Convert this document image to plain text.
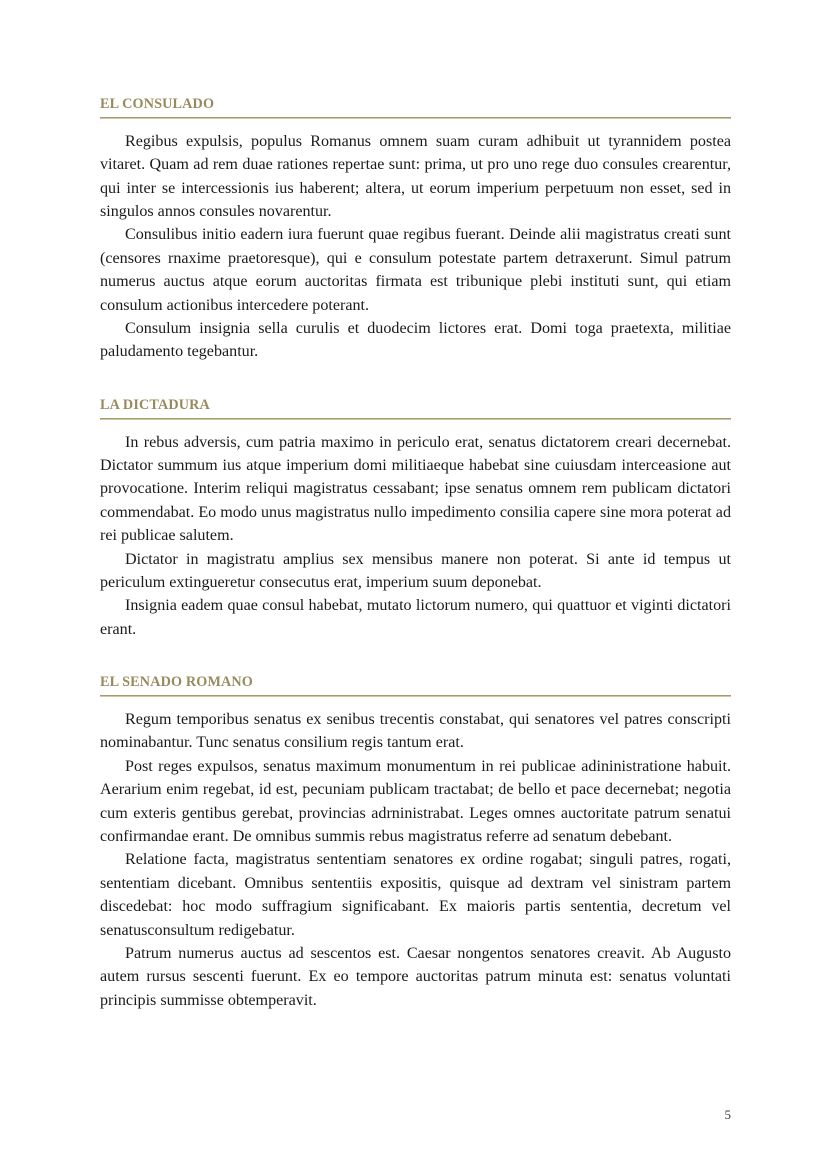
EL CONSULADO

Regibus expulsis, populus Romanus omnem suam curam adhibuit ut tyrannidem postea vitaret. Quam ad rem duae rationes repertae sunt: prima, ut pro uno rege duo consules crearentur, qui inter se intercessionis ius haberent; altera, ut eorum imperium perpetuum non esset, sed in singulos annos consules novarentur.

Consulibus initio eadern iura fuerunt quae regibus fuerant. Deinde alii magistratus creati sunt (censores rnaxime praetoresque), qui e consulum potestate partem detraxerunt. Simul patrum numerus auctus atque eorum auctoritas firmata est tribunique plebi instituti sunt, qui etiam consulum actionibus intercedere poterant.

Consulum insignia sella curulis et duodecim lictores erat. Domi toga praetexta, militiae paludamento tegebantur.

LA DICTADURA

In rebus adversis, cum patria maximo in periculo erat, senatus dictatorem creari decernebat. Dictator summum ius atque imperium domi militiaeque habebat sine cuiusdam interceasione aut provocatione. Interim reliqui magistratus cessabant; ipse senatus omnem rem publicam dictatori commendabat. Eo modo unus magistratus nullo impedimento consilia capere sine mora poterat ad rei publicae salutem.

Dictator in magistratu amplius sex mensibus manere non poterat. Si ante id tempus ut periculum extingueretur consecutus erat, imperium suum deponebat.

Insignia eadem quae consul habebat, mutato lictorum numero, qui quattuor et viginti dictatori erant.

EL SENADO ROMANO

Regum temporibus senatus ex senibus trecentis constabat, qui senatores vel patres conscripti nominabantur. Tunc senatus consilium regis tantum erat.

Post reges expulsos, senatus maximum monumentum in rei publicae adininistratione habuit. Aerarium enim regebat, id est, pecuniam publicam tractabat; de bello et pace decernebat; negotia cum exteris gentibus gerebat, provincias adrninistrabat. Leges omnes auctoritate patrum senatui confirmandae erant. De omnibus summis rebus magistratus referre ad senatum debebant.

Relatione facta, magistratus sententiam senatores ex ordine rogabat; singuli patres, rogati, sententiam dicebant. Omnibus sententiis expositis, quisque ad dextram vel sinistram partem discedebat: hoc modo suffragium significabant. Ex maioris partis sententia, decretum vel senatusconsultum redigebatur.

Patrum numerus auctus ad sescentos est. Caesar nongentos senatores creavit. Ab Augusto autem rursus sescenti fuerunt. Ex eo tempore auctoritas patrum minuta est: senatus voluntati principis summisse obtemperavit.

5
